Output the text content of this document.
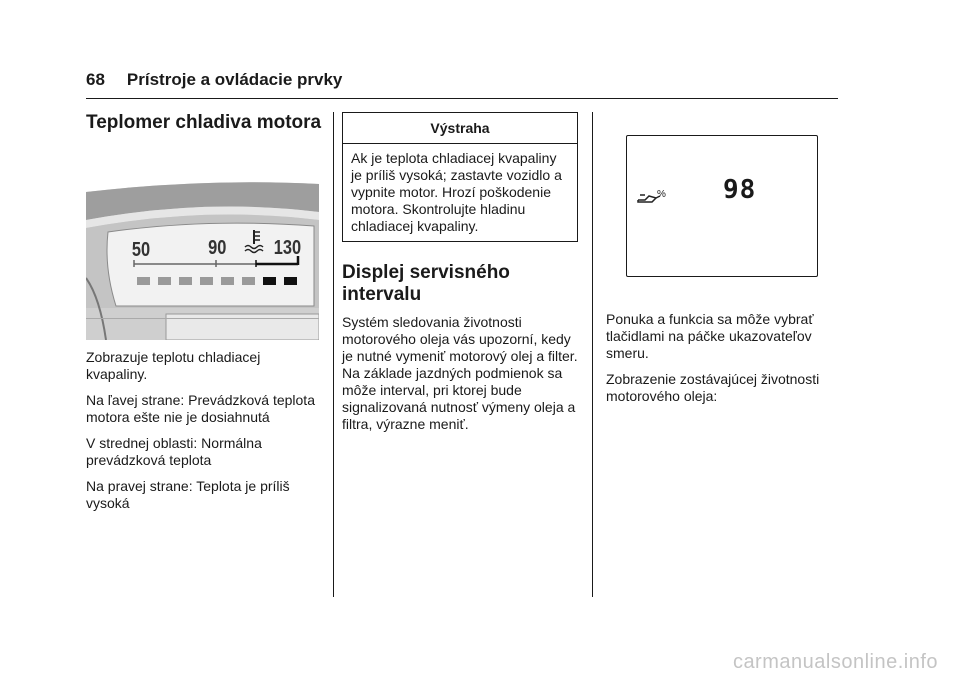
68 Prístroje a ovládacie prvky
Teplomer chladiva motora
50	90 130

Zobrazuje teplotu chladiacej kvapaliny.

Na ľavej strane: Prevádzková teplota motora ešte nie je dosiahnutá

V strednej oblasti: Normálna prevádzková teplota

Na pravej strane: Teplota je príliš vysoká

Výstraha
Ak je teplota chladiacej kvapaliny je príliš vysoká; zastavte vozidlo a vypnite motor. Hrozí poškodenie motora. Skontrolujte hladinu chladiacej kvapaliny.
Displej servisného intervalu

Systém sledovania životnosti motorového oleja vás upozorní, kedy je nutné vymeniť motorový olej a filter. Na základe jazdných podmienok sa môže interval, pri ktorej bude signalizovaná nutnosť výmeny oleja a filtra, výrazne meniť.

% 98

Ponuka a funkcia sa môže vybrať tlačidlami na páčke ukazovateľov smeru.

Zobrazenie zostávajúcej životnosti motorového oleja:

carmanualsonline.info
